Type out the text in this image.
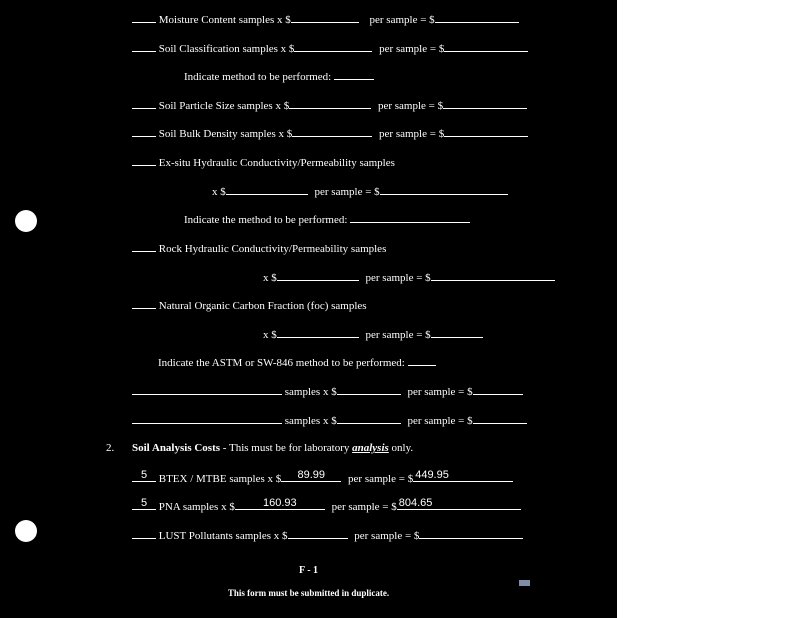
Moisture Content samples x $	per sample = $
Soil Classification samples x $	per sample = $
Indicate method to be performed:
Soil Particle Size samples x $	per sample = $
Soil Bulk Density samples x $	per sample = $
Ex-situ Hydraulic Conductivity/Permeability samples
x $	per sample = $
Indicate the method to be performed:
Rock Hydraulic Conductivity/Permeability samples
x $	per sample = $
Natural Organic Carbon Fraction (foc) samples
x $	per sample = $
Indicate the ASTM or SW-846 method to be performed:
samples x $	per sample = $
samples x $	per sample = $
2. Soil Analysis Costs - This must be for laboratory analysis only.
5	BTEX / MTBE samples x $	89.99	per sample = $ 449.95
5	PNA samples x $	160.93	per sample = $ 804.65
LUST Pollutants samples x $	per sample = $
F - 1
This form must be submitted in duplicate.
